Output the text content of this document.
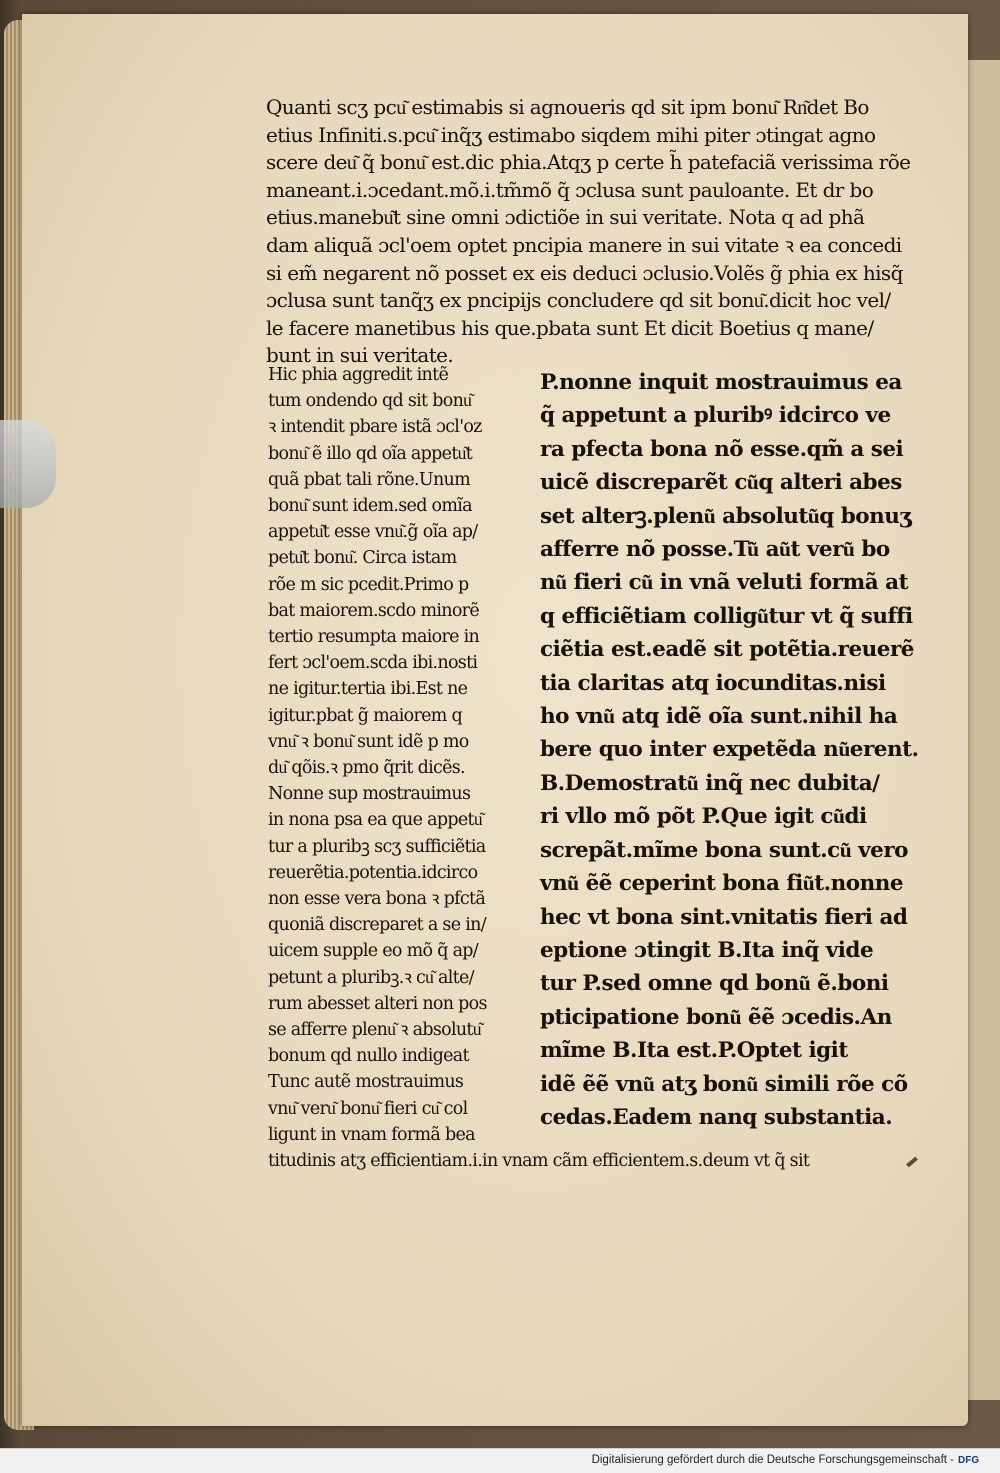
Quanti scʒ pcu͂ estimabis si agnoueris qd sit ipm bonu͂ Rn͂det Bo
etius Infiniti.s.pcu͂ inq̃ʒ estimabo siqdem mihi piter ɔtingat agno
scere deu͂ q̃ bonu͂ est.dic phia.Atqʒ p certe h̃ patefaciã verissima rõe
maneant.i.ɔcedant.mõ.i.tm̃mõ q̃ ɔclusa sunt pauloante. Et dr bo
etius.manebu͂t sine omni ɔdictiõe in sui veritate. Nota q ad phã
dam aliquã ɔcl'oem optet pncipia manere in sui vitate ꝛ ea concedi
si em̃ negarent nõ posset ex eis deduci ɔclusio.Volẽs g̃ phia ex hisq̃
ɔclusa sunt tanq̃ʒ ex pncipijs concludere qd sit bonu͂.dicit hoc vel/
le facere manetibus his que.pbata sunt Et dicit Boetius q mane/
bunt in sui veritate.
Hic phia aggredit intẽ
tum ondendo qd sit bonu͂
ꝛ intendit pbare istã ɔcl'oz
bonu͂ ẽ illo qd oĩa appetu͂t
quã pbat tali rõne.Unum
bonu͂ sunt idem.sed omĩa
appetu͂t esse vnu͂.g̃ oĩa ap/
petu͂t bonu͂. Circa istam
rõe m sic pcedit.Primo p
bat maiorem.scdo minorẽ
tertio resumpta maiore in
fert ɔcl'oem.scda ibi.nosti
ne igitur.tertia ibi.Est ne
igitur.pbat g̃ maiorem q
vnu͂ ꝛ bonu͂ sunt idẽ p mo
du͂ qõis.ꝛ pmo q̃rit dicẽs.
Nonne sup mostrauimus
in nona psa ea que appetu͂
tur a pluribꝫ scʒ sufficiẽtia
reuerẽtia.potentia.idcirco
non esse vera bona ꝛ pfctã
quoniã discreparet a se in/
uicem supple eo mõ q̃ ap/
petunt a pluribꝫ.ꝛ cu͂ alte/
rum abesset alteri non pos
se afferre plenu͂ ꝛ absolutu͂
bonum qd nullo indigeat
Tunc autẽ mostrauimus
vnu͂ veru͂ bonu͂ fieri cu͂ col
ligunt in vnam formã bea
titudinis atʒ efficientiam.i.in vnam cãm efficientem.s.deum vt q̃ sit
P.nonne inquit mostrauimus ea
q̃ appetunt a pluribꝰ idcirco ve
ra pfecta bona nõ esse.qm̃ a sei
uicẽ discreparẽt cu͂q alteri abes
set alterꝫ.plenu͂ absolutu͂q bonuʒ
afferre nõ posse.Tu͂ au͂t veru͂ bo
nu͂ fieri cu͂ in vnã veluti formã at
q efficiẽtiam colligu͂tur vt q̃ suffi
ciẽtia est.eadẽ sit potẽtia.reuerẽ
tia claritas atq iocunditas.nisi
ho vnu͂ atq idẽ oĩa sunt.nihil ha
bere quo inter expetẽda nu͂erent.
B.Demostratu͂ inq̃ nec dubita/
ri vllo mõ põt P.Que igit cu͂di
screpãt.mĩme bona sunt.cu͂ vero
vnu͂ ẽẽ ceperint bona fiu͂t.nonne
hec vt bona sint.vnitatis fieri ad
eptione ɔtingit B.Ita inq̃ vide
tur P.sed omne qd bonu͂ ẽ.boni
pticipatione bonu͂ ẽẽ ɔcedis.An
mĩme B.Ita est.P.Optet igit
idẽ ẽẽ vnu͂ atʒ bonu͂ simili rõe cõ
cedas.Eadem nanq substantia.
Digitalisierung gefördert durch die Deutsche Forschungsgemeinschaft - DFG
